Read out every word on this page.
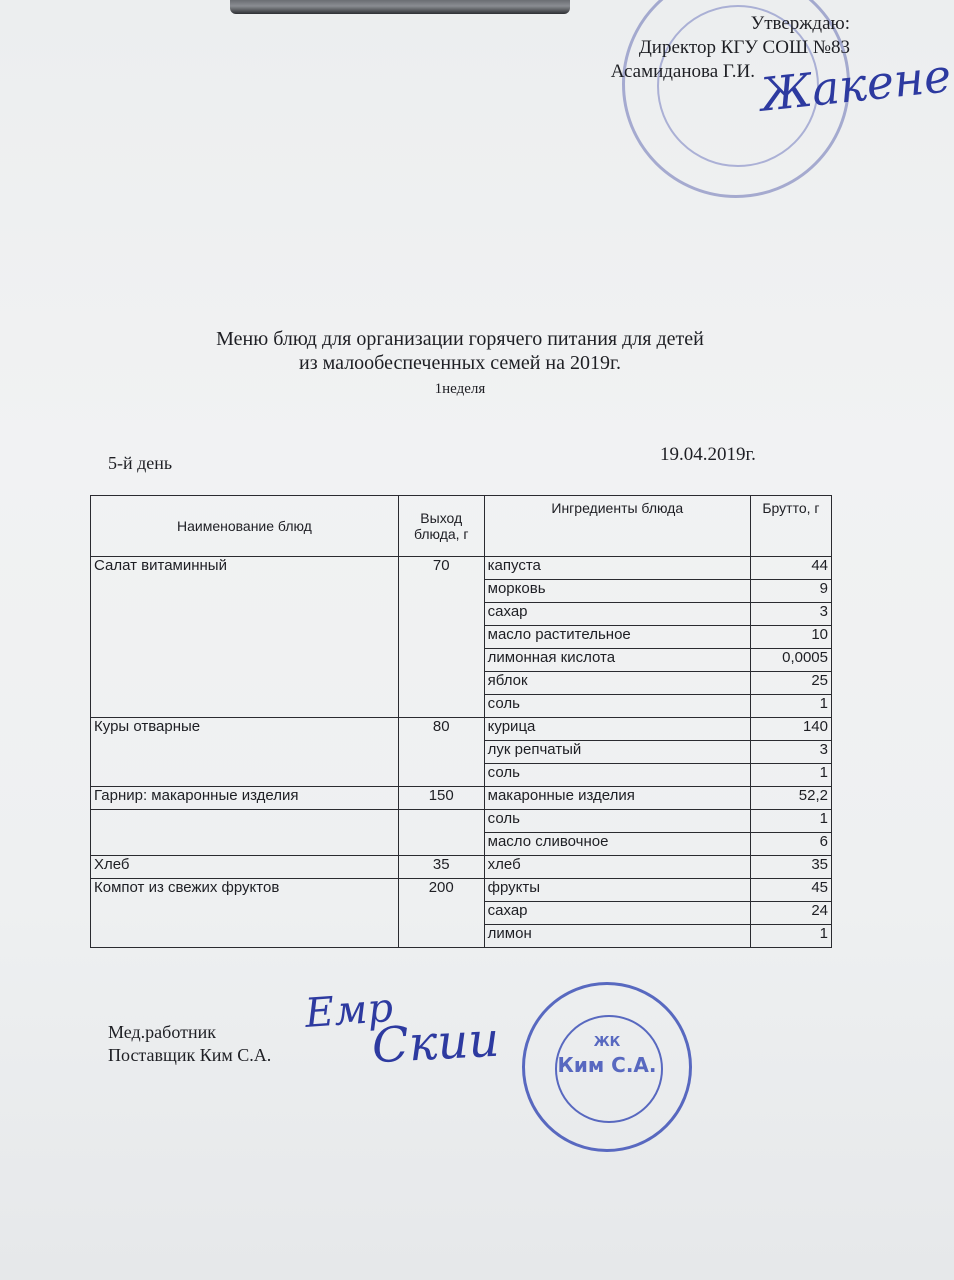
Жакене
Утверждаю:
Директор КГУ СОШ №83
Асамиданова Г.И.
Меню блюд для организации горячего питания для детей
из малообеспеченных семей на 2019г.
1неделя
5-й день	19.04.2019г.
Наименование блюд	Выход блюда, г	Ингредиенты блюда	Брутто, г
Салат витаминный	70	капуста	44
		морковь	9
		сахар	3
		масло растительное	10
		лимонная кислота	0,0005
		яблок	25
		соль	1
Куры отварные	80	курица	140
		лук репчатый	3
		соль	1
Гарнир: макаронные изделия	150	макаронные изделия	52,2
		соль	1
		масло сливочное	6
Хлеб	35	хлеб	35
Компот из свежих фруктов	200	фрукты	45
		сахар	24
		лимон	1
Мед.работник
Поставщик Ким С.А.
Емр
Скии	ЖК
Ким С.А.
